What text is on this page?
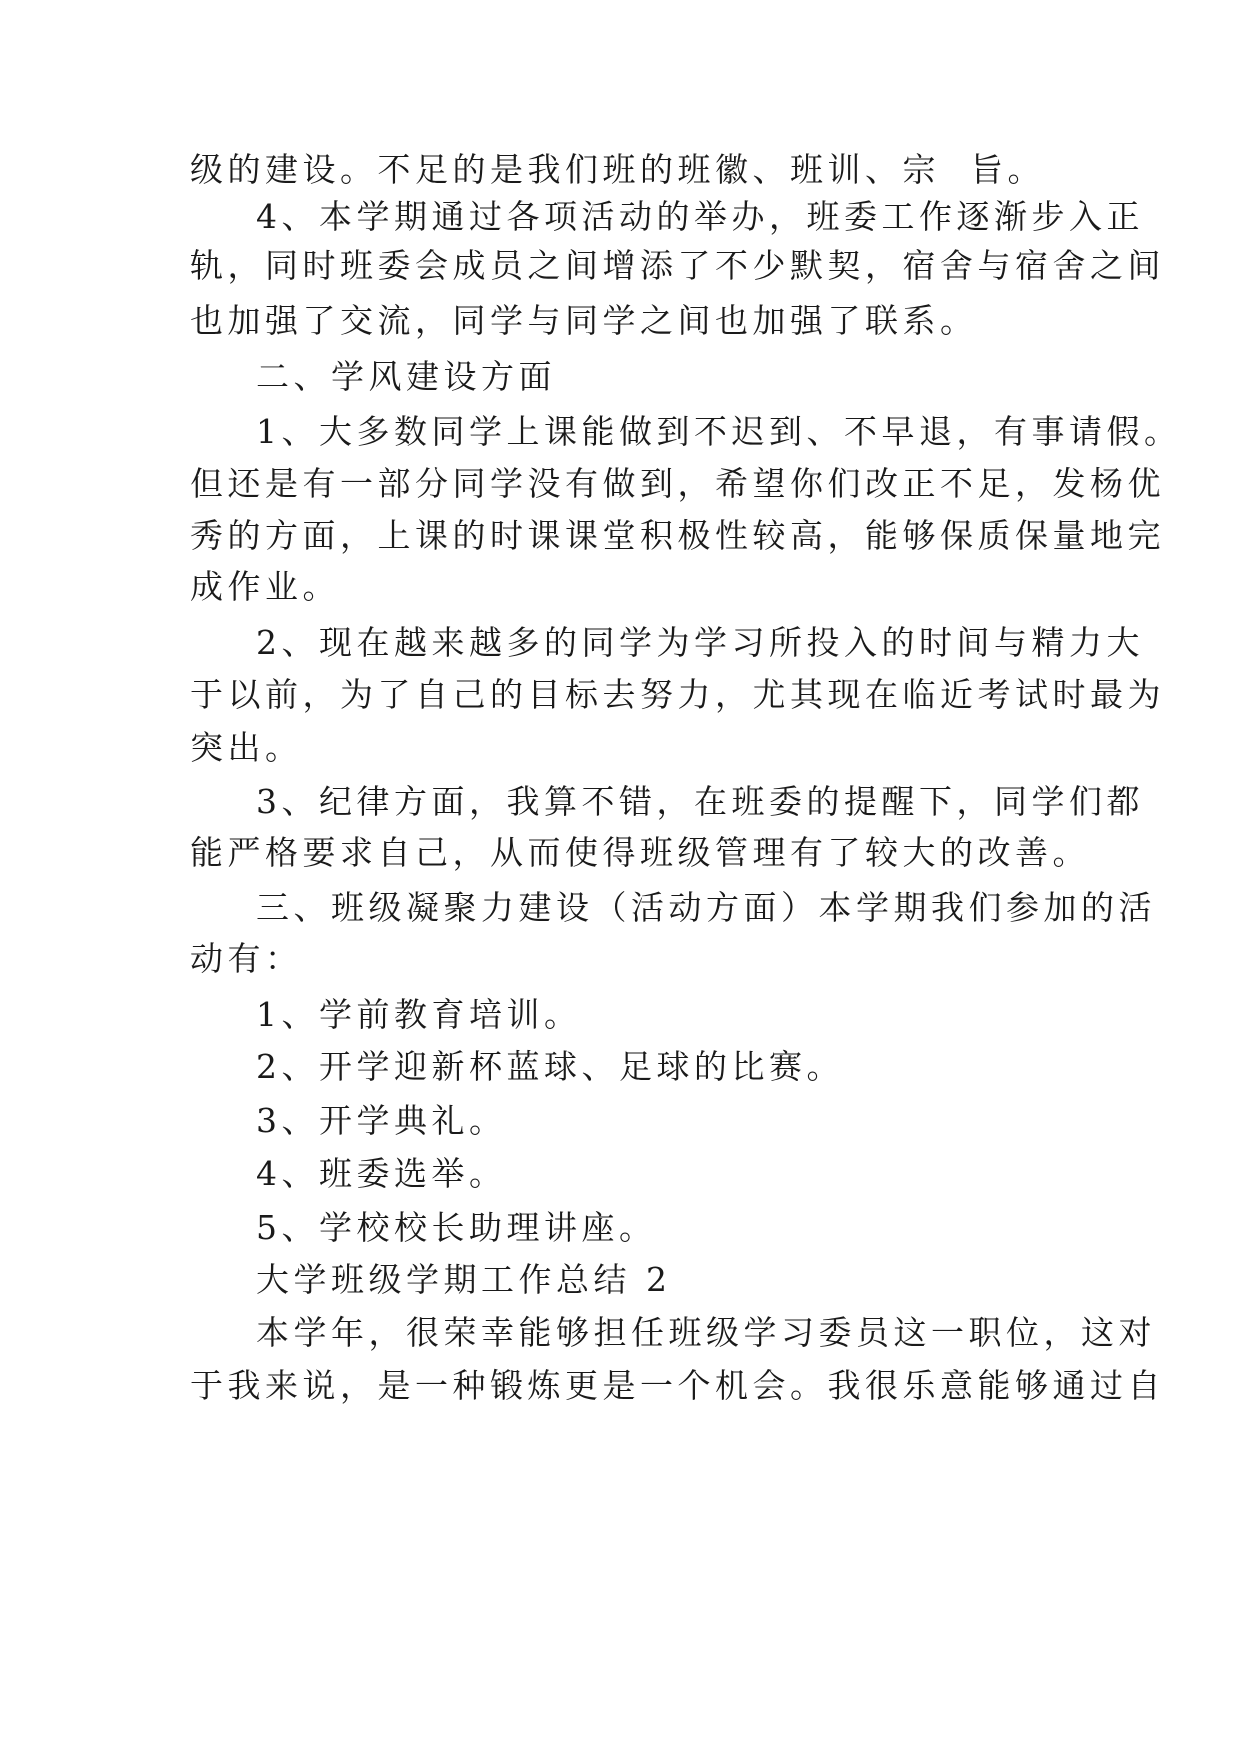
级的建设。不足的是我们班的班徽、班训、宗  旨。
4、本学期通过各项活动的举办，班委工作逐渐步入正
轨，同时班委会成员之间增添了不少默契，宿舍与宿舍之间
也加强了交流，同学与同学之间也加强了联系。
二、学风建设方面
1、大多数同学上课能做到不迟到、不早退，有事请假。
但还是有一部分同学没有做到，希望你们改正不足，发杨优
秀的方面，上课的时课课堂积极性较高，能够保质保量地完
成作业。
2、现在越来越多的同学为学习所投入的时间与精力大
于以前，为了自己的目标去努力，尤其现在临近考试时最为
突出。
3、纪律方面，我算不错，在班委的提醒下，同学们都
能严格要求自己，从而使得班级管理有了较大的改善。
三、班级凝聚力建设（活动方面）本学期我们参加的活
动有：
1、学前教育培训。
2、开学迎新杯蓝球、足球的比赛。
3、开学典礼。
4、班委选举。
5、学校校长助理讲座。
大学班级学期工作总结 2
本学年，很荣幸能够担任班级学习委员这一职位，这对
于我来说，是一种锻炼更是一个机会。我很乐意能够通过自
